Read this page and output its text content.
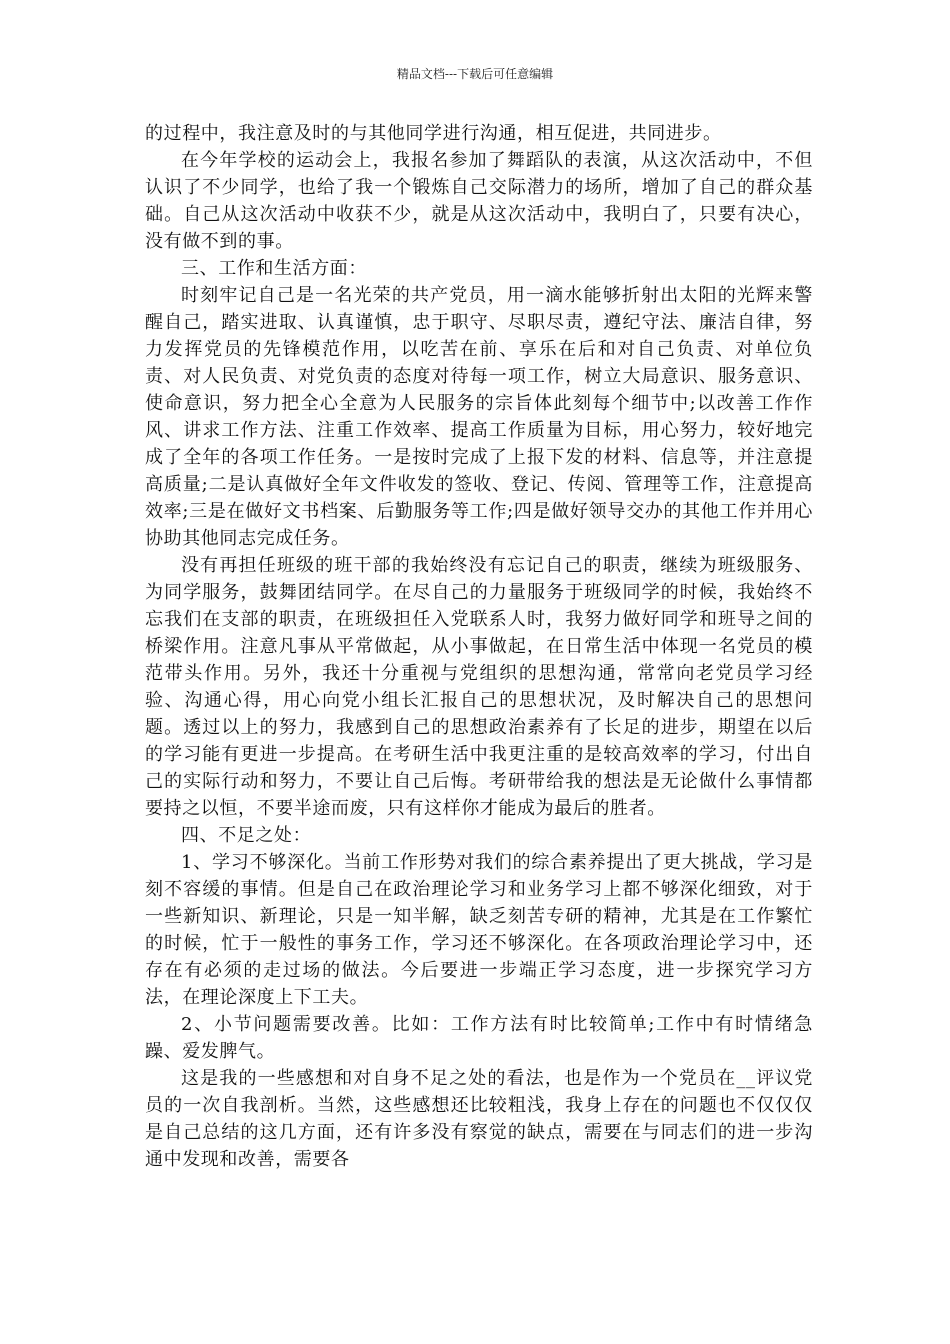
精品文档---下载后可任意编辑

的过程中，我注意及时的与其他同学进行沟通，相互促进，共同进步。

在今年学校的运动会上，我报名参加了舞蹈队的表演，从这次活动中，不但认识了不少同学，也给了我一个锻炼自己交际潜力的场所，增加了自己的群众基础。自己从这次活动中收获不少，就是从这次活动中，我明白了，只要有决心，没有做不到的事。

三、工作和生活方面：

时刻牢记自己是一名光荣的共产党员，用一滴水能够折射出太阳的光辉来警醒自己，踏实进取、认真谨慎，忠于职守、尽职尽责，遵纪守法、廉洁自律，努力发挥党员的先锋模范作用，以吃苦在前、享乐在后和对自己负责、对单位负责、对人民负责、对党负责的态度对待每一项工作，树立大局意识、服务意识、使命意识，努力把全心全意为人民服务的宗旨体此刻每个细节中;以改善工作作风、讲求工作方法、注重工作效率、提高工作质量为目标，用心努力，较好地完成了全年的各项工作任务。一是按时完成了上报下发的材料、信息等，并注意提高质量;二是认真做好全年文件收发的签收、登记、传阅、管理等工作，注意提高效率;三是在做好文书档案、后勤服务等工作;四是做好领导交办的其他工作并用心协助其他同志完成任务。

没有再担任班级的班干部的我始终没有忘记自己的职责，继续为班级服务、为同学服务，鼓舞团结同学。在尽自己的力量服务于班级同学的时候，我始终不忘我们在支部的职责，在班级担任入党联系人时，我努力做好同学和班导之间的桥梁作用。注意凡事从平常做起，从小事做起，在日常生活中体现一名党员的模范带头作用。另外，我还十分重视与党组织的思想沟通，常常向老党员学习经验、沟通心得，用心向党小组长汇报自己的思想状况，及时解决自己的思想问题。透过以上的努力，我感到自己的思想政治素养有了长足的进步，期望在以后的学习能有更进一步提高。在考研生活中我更注重的是较高效率的学习，付出自己的实际行动和努力，不要让自己后悔。考研带给我的想法是无论做什么事情都要持之以恒，不要半途而废，只有这样你才能成为最后的胜者。

四、不足之处：

1、学习不够深化。当前工作形势对我们的综合素养提出了更大挑战，学习是刻不容缓的事情。但是自己在政治理论学习和业务学习上都不够深化细致，对于一些新知识、新理论，只是一知半解，缺乏刻苦专研的精神，尤其是在工作繁忙的时候，忙于一般性的事务工作，学习还不够深化。在各项政治理论学习中，还存在有必须的走过场的做法。今后要进一步端正学习态度，进一步探究学习方法，在理论深度上下工夫。

2、小节问题需要改善。比如：工作方法有时比较简单;工作中有时情绪急躁、爱发脾气。

这是我的一些感想和对自身不足之处的看法，也是作为一个党员在__评议党员的一次自我剖析。当然，这些感想还比较粗浅，我身上存在的问题也不仅仅仅是自己总结的这几方面，还有许多没有察觉的缺点，需要在与同志们的进一步沟通中发现和改善，需要各
